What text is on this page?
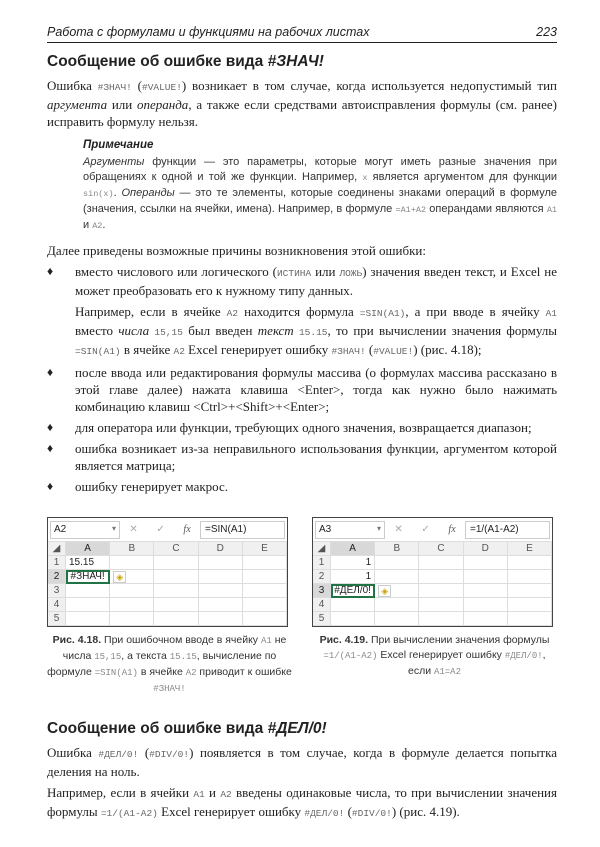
Работа с формулами и функциями на рабочих листах	223
Сообщение об ошибке вида #ЗНАЧ!
Ошибка #ЗНАЧ! (#VALUE!) возникает в том случае, когда используется недопустимый тип аргумента или операнда, а также если средствами автоисправления формулы (см. ранее) исправить формулу нельзя.
Примечание
Аргументы функции — это параметры, которые могут иметь разные значения при обращениях к одной и той же функции. Например, x является аргументом для функции sin(x). Операнды — это те элементы, которые соединены знаками операций в формуле (значения, ссылки на ячейки, имена). Например, в формуле =A1+A2 операндами являются A1 и A2.
Далее приведены возможные причины возникновения этой ошибки:
♦	вместо числового или логического (ИСТИНА или ЛОЖЬ) значения введен текст, и Excel не может преобразовать его к нужному типу данных.
Например, если в ячейке A2 находится формула =SIN(A1), а при вводе в ячейку A1 вместо числа 15,15 был введен текст 15.15, то при вычислении значения формулы =SIN(A1) в ячейке A2 Excel генерирует ошибку #ЗНАЧ! (#VALUE!) (рис. 4.18);
♦	после ввода или редактирования формулы массива (о формулах массива рассказано в этой главе далее) нажата клавиша <Enter>, тогда как нужно было нажимать комбинацию клавиш <Ctrl>+<Shift>+<Enter>;
♦	для оператора или функции, требующих одного значения, возвращается диапазон;
♦	ошибка возникает из-за неправильного использования функции, аргументом которой является матрица;
♦	ошибку генерирует макрос.
A2 ▾	✕ ✓ fx	=SIN(A1)
◢	A	B	C	D	E
1 15.15
2	#ЗНАЧ!	◈
3
4
5
Рис. 4.18. При ошибочном вводе в ячейку A1 не числа 15,15, а текста 15.15, вычисление по формуле =SIN(A1) в ячейке A2 приводит к ошибке #ЗНАЧ!
A3 ▾	✕ ✓ fx	=1/(A1-A2)
◢	A	B	C	D	E
1	1
2	1
3 #ДЕЛ/0!	◈
4
5
Рис. 4.19. При вычислении значения формулы =1/(A1-A2) Excel генерирует ошибку #ДЕЛ/0!, если A1=A2
Сообщение об ошибке вида #ДЕЛ/0!
Ошибка #ДЕЛ/0! (#DIV/0!) появляется в том случае, когда в формуле делается попытка деления на ноль.
Например, если в ячейки A1 и A2 введены одинаковые числа, то при вычислении значения формулы =1/(A1-A2) Excel генерирует ошибку #ДЕЛ/0! (#DIV/0!) (рис. 4.19).
